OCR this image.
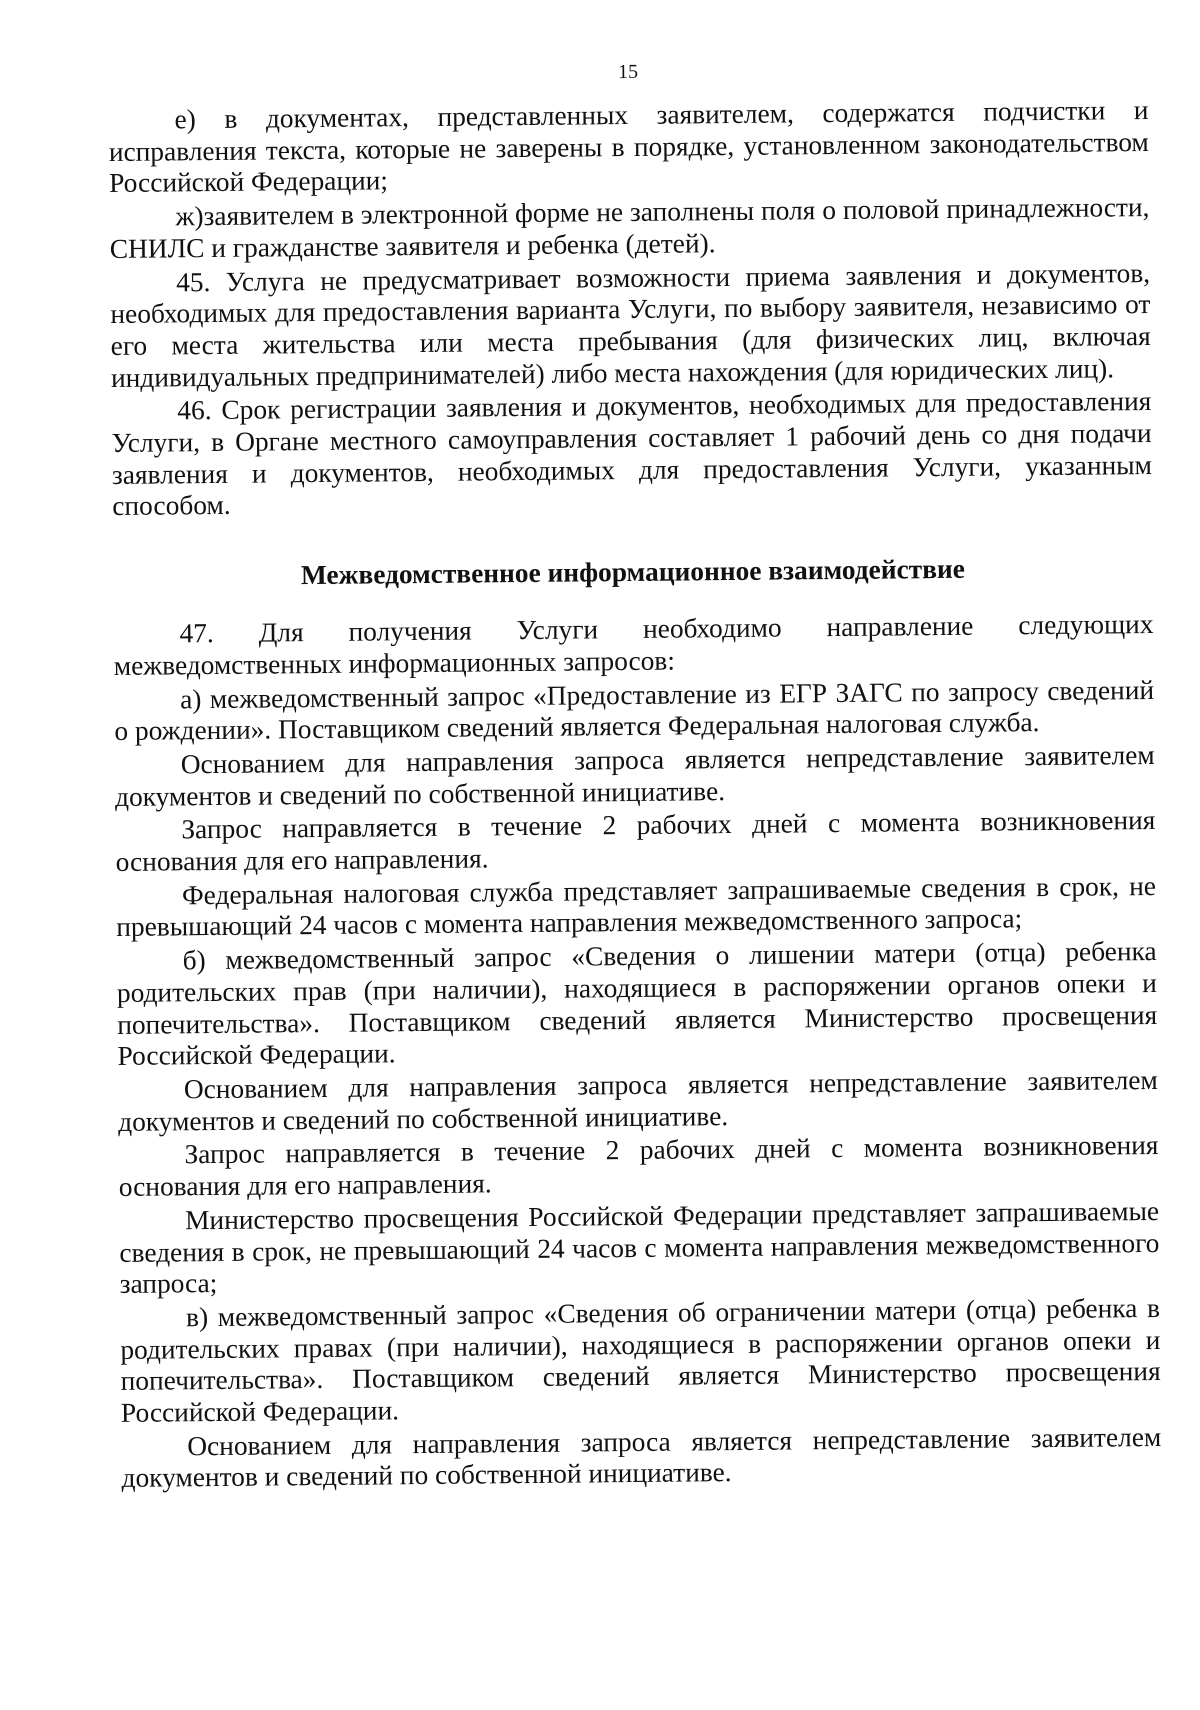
15

е) в документах, представленных заявителем, содержатся подчистки и исправления текста, которые не заверены в порядке, установленном законодательством Российской Федерации;

ж)заявителем в электронной форме не заполнены поля о половой принадлежности, СНИЛС и гражданстве заявителя и ребенка (детей).

45. Услуга не предусматривает возможности приема заявления и документов, необходимых для предоставления варианта Услуги, по выбору заявителя, независимо от его места жительства или места пребывания (для физических лиц, включая индивидуальных предпринимателей) либо места нахождения (для юридических лиц).

46. Срок регистрации заявления и документов, необходимых для предоставления Услуги, в Органе местного самоуправления составляет 1 рабочий день со дня подачи заявления и документов, необходимых для предоставления Услуги, указанным способом.

Межведомственное информационное взаимодействие

47. Для получения Услуги необходимо направление следующих межведомственных информационных запросов:

а) межведомственный запрос «Предоставление из ЕГР ЗАГС по запросу сведений о рождении». Поставщиком сведений является Федеральная налоговая служба.

Основанием для направления запроса является непредставление заявителем документов и сведений по собственной инициативе.

Запрос направляется в течение 2 рабочих дней с момента возникновения основания для его направления.

Федеральная налоговая служба представляет запрашиваемые сведения в срок, не превышающий 24 часов с момента направления межведомственного запроса;

б) межведомственный запрос «Сведения о лишении матери (отца) ребенка родительских прав (при наличии), находящиеся в распоряжении органов опеки и попечительства». Поставщиком сведений является Министерство просвещения Российской Федерации.

Основанием для направления запроса является непредставление заявителем документов и сведений по собственной инициативе.

Запрос направляется в течение 2 рабочих дней с момента возникновения основания для его направления.

Министерство просвещения Российской Федерации представляет запрашиваемые сведения в срок, не превышающий 24 часов с момента направления межведомственного запроса;

в) межведомственный запрос «Сведения об ограничении матери (отца) ребенка в родительских правах (при наличии), находящиеся в распоряжении органов опеки и попечительства». Поставщиком сведений является Министерство просвещения Российской Федерации.

Основанием для направления запроса является непредставление заявителем документов и сведений по собственной инициативе.
